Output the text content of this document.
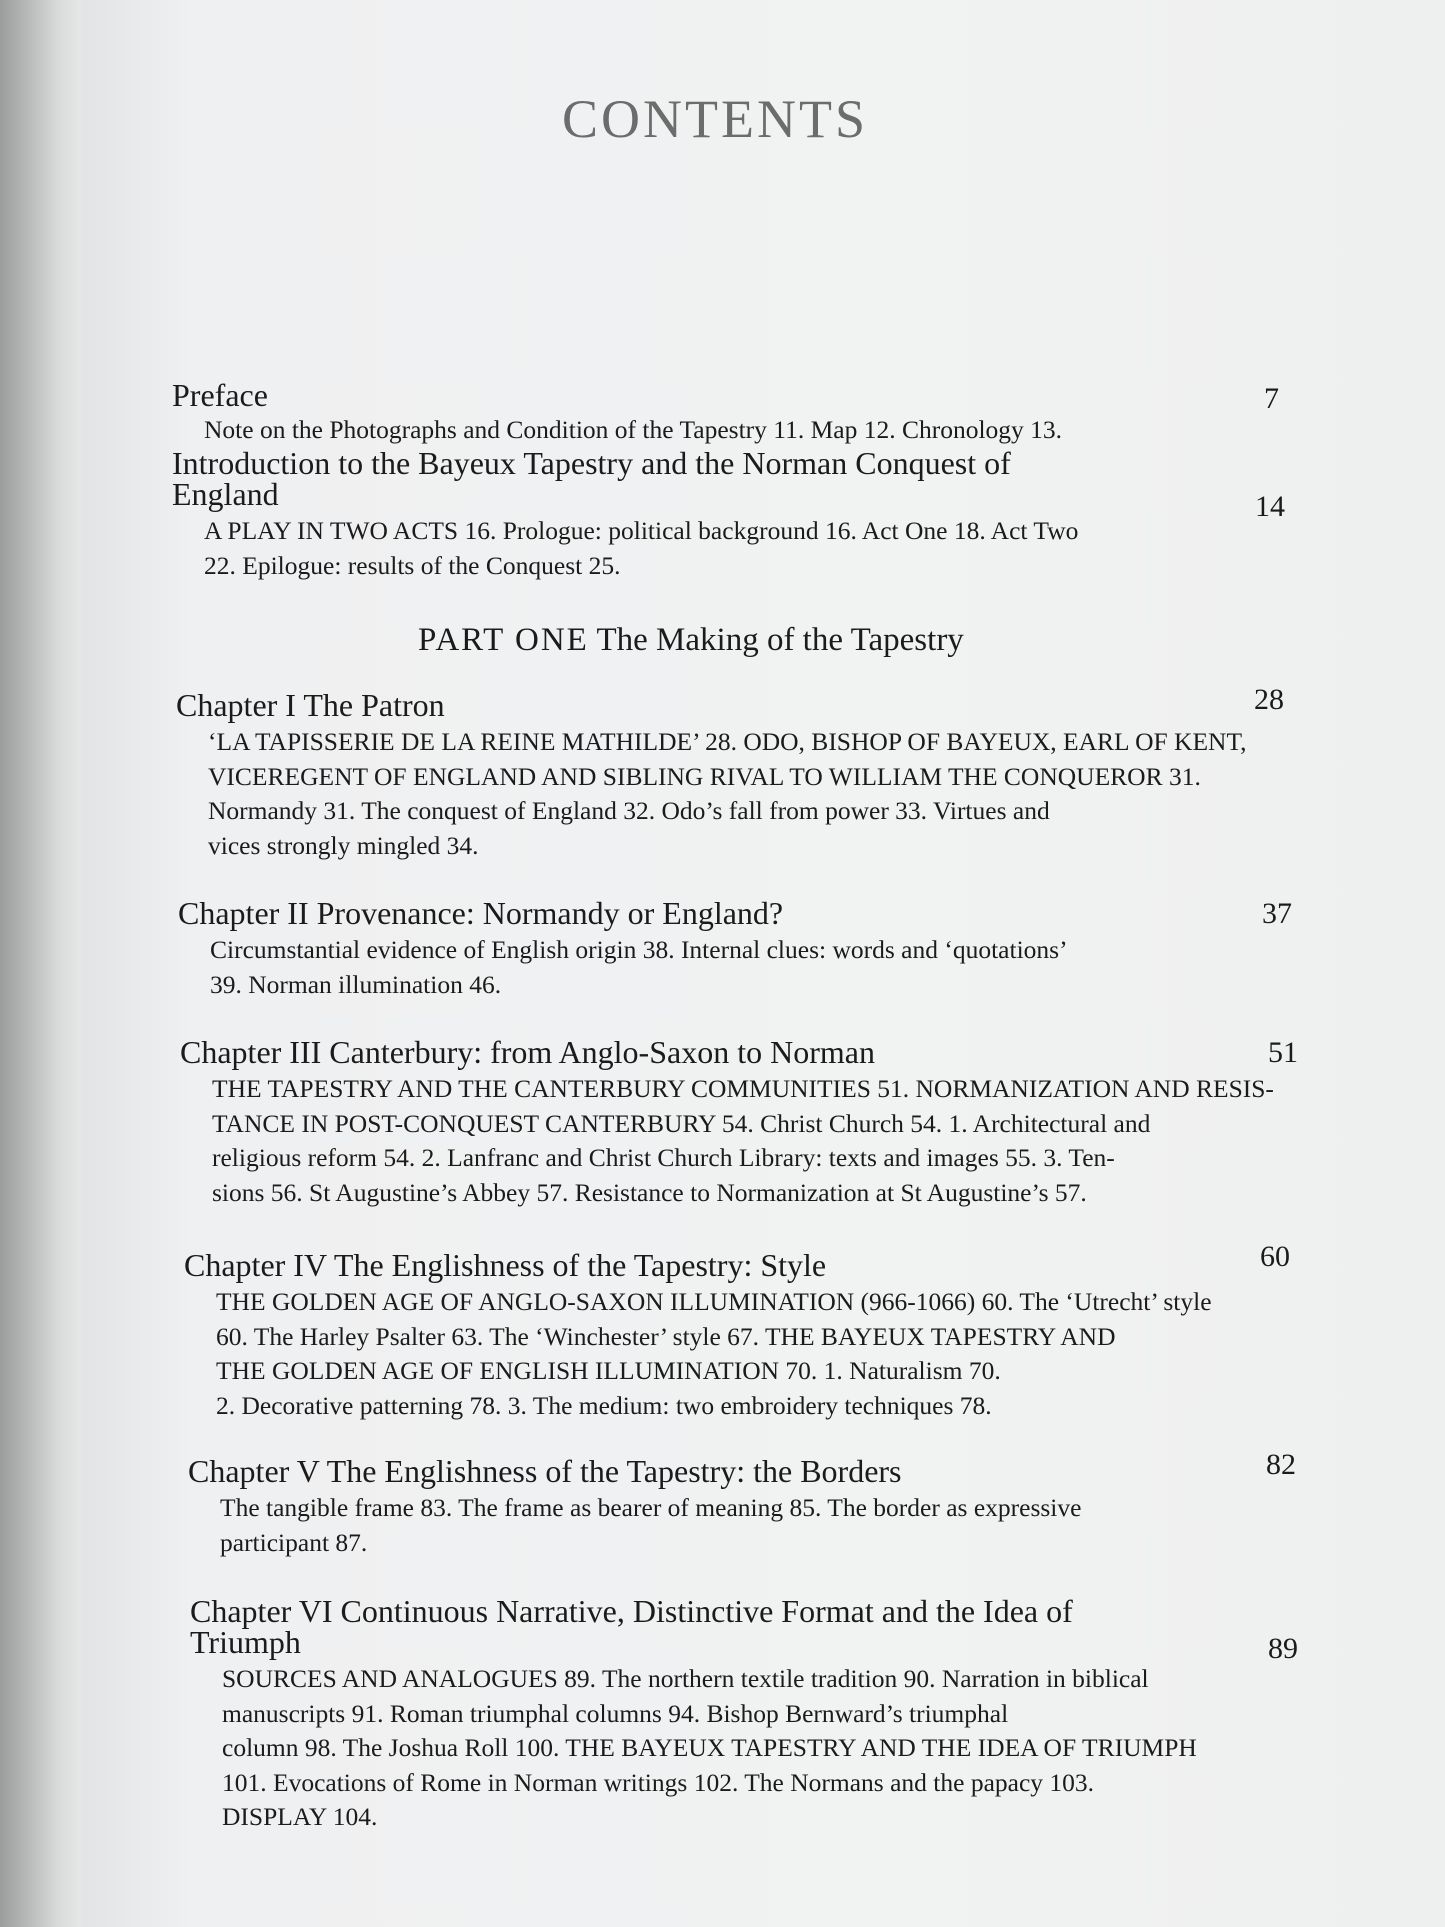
CONTENTS
Preface
Note on the Photographs and Condition of the Tapestry 11. Map 12. Chronology 13.
7
Introduction to the Bayeux Tapestry and the Norman Conquest of
England
A PLAY IN TWO ACTS 16. Prologue: political background 16. Act One 18. Act Two
22. Epilogue: results of the Conquest 25.
14
PART ONE The Making of the Tapestry
Chapter I The Patron
‘LA TAPISSERIE DE LA REINE MATHILDE’ 28. ODO, BISHOP OF BAYEUX, EARL OF KENT,
VICEREGENT OF ENGLAND AND SIBLING RIVAL TO WILLIAM THE CONQUEROR 31.
Normandy 31. The conquest of England 32. Odo’s fall from power 33. Virtues and
vices strongly mingled 34.
28
Chapter II Provenance: Normandy or England?
Circumstantial evidence of English origin 38. Internal clues: words and ‘quotations’
39. Norman illumination 46.
37
Chapter III Canterbury: from Anglo-Saxon to Norman
THE TAPESTRY AND THE CANTERBURY COMMUNITIES 51. NORMANIZATION AND RESIS-
TANCE IN POST-CONQUEST CANTERBURY 54. Christ Church 54. 1. Architectural and
religious reform 54. 2. Lanfranc and Christ Church Library: texts and images 55. 3. Ten-
sions 56. St Augustine’s Abbey 57. Resistance to Normanization at St Augustine’s 57.
51
Chapter IV The Englishness of the Tapestry: Style
THE GOLDEN AGE OF ANGLO-SAXON ILLUMINATION (966-1066) 60. The ‘Utrecht’ style
60. The Harley Psalter 63. The ‘Winchester’ style 67. THE BAYEUX TAPESTRY AND
THE GOLDEN AGE OF ENGLISH ILLUMINATION 70. 1. Naturalism 70.
2. Decorative patterning 78. 3. The medium: two embroidery techniques 78.
60
Chapter V The Englishness of the Tapestry: the Borders
The tangible frame 83. The frame as bearer of meaning 85. The border as expressive
participant 87.
82
Chapter VI Continuous Narrative, Distinctive Format and the Idea of
Triumph
SOURCES AND ANALOGUES 89. The northern textile tradition 90. Narration in biblical
manuscripts 91. Roman triumphal columns 94. Bishop Bernward’s triumphal
column 98. The Joshua Roll 100. THE BAYEUX TAPESTRY AND THE IDEA OF TRIUMPH
101. Evocations of Rome in Norman writings 102. The Normans and the papacy 103.
DISPLAY 104.
89
